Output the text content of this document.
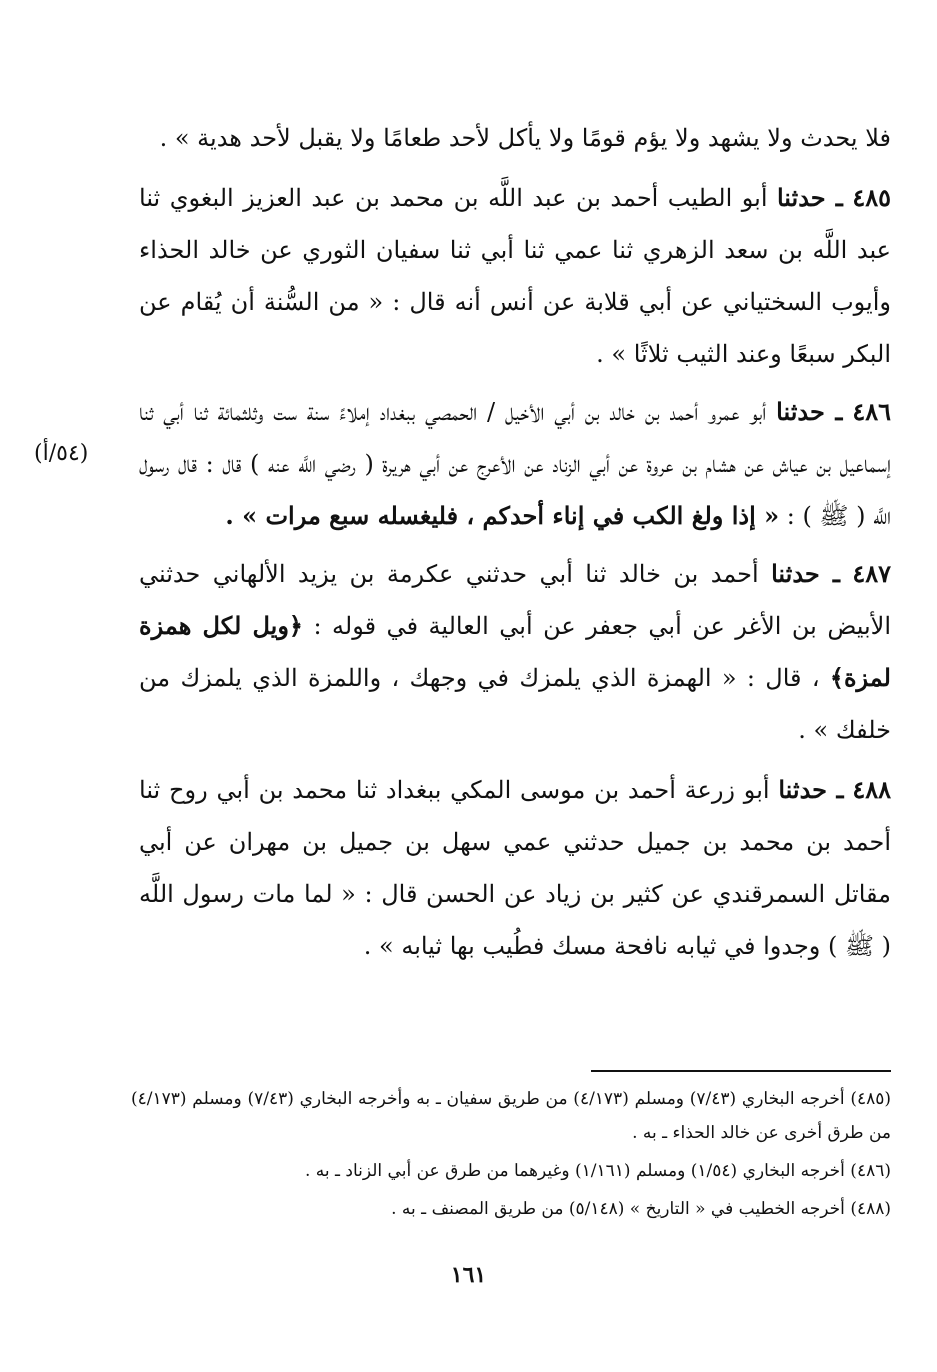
فلا يحدث ولا يشهد ولا يؤم قومًا ولا يأكل لأحد طعامًا ولا يقبل لأحد هدية » .

٤٨٥ ـ حدثنا أبو الطيب أحمد بن عبد اللَّه بن محمد بن عبد العزيز البغوي ثنا عبد اللَّه بن سعد الزهري ثنا عمي ثنا أبي ثنا سفيان الثوري عن خالد الحذاء وأيوب السختياني عن أبي قلابة عن أنس أنه قال : « من السُّنة أن يُقام عن البكر سبعًا وعند الثيب ثلاثًا » .

٤٨٦ ـ حدثنا أبو عمرو أحمد بن خالد بن أبي الأخيل / الحمصي ببغداد إملاءً سنة ست وثلثمائة ثنا أبي ثنا إسماعيل بن عياش عن هشام بن عروة عن أبي الزناد عن الأعرج عن أبي هريرة ( رضي اللَّه عنه ) قال : قال رسول اللَّه ( ﷺ ) : « إذا ولغ الكب في إناء أحدكم ، فليغسله سبع مرات » .

٤٨٧ ـ حدثنا أحمد بن خالد ثنا أبي حدثني عكرمة بن يزيد الألهاني حدثني الأبيض بن الأغر عن أبي جعفر عن أبي العالية في قوله : ﴿ويل لكل همزة لمزة﴾ ، قال : « الهمزة الذي يلمزك في وجهك ، واللمزة الذي يلمزك من خلفك » .

٤٨٨ ـ حدثنا أبو زرعة أحمد بن موسى المكي ببغداد ثنا محمد بن أبي روح ثنا أحمد بن محمد بن جميل حدثني عمي سهل بن جميل بن مهران عن أبي مقاتل السمرقندي عن كثير بن زياد عن الحسن قال : « لما مات رسول اللَّه ( ﷺ ) وجدوا في ثيابه نافحة مسك فطُيب بها ثيابه » .

(٥٤/أ)

(٤٨٥) أخرجه البخاري (٧/٤٣) ومسلم (٤/١٧٣) من طريق سفيان ـ به وأخرجه البخاري (٧/٤٣) ومسلم (٤/١٧٣) من طرق أخرى عن خالد الحذاء ـ به .

(٤٨٦) أخرجه البخاري (١/٥٤) ومسلم (١/١٦١) وغيرهما من طرق عن أبي الزناد ـ به .

(٤٨٨) أخرجه الخطيب في « التاريخ » (٥/١٤٨) من طريق المصنف ـ به .

١٦١
